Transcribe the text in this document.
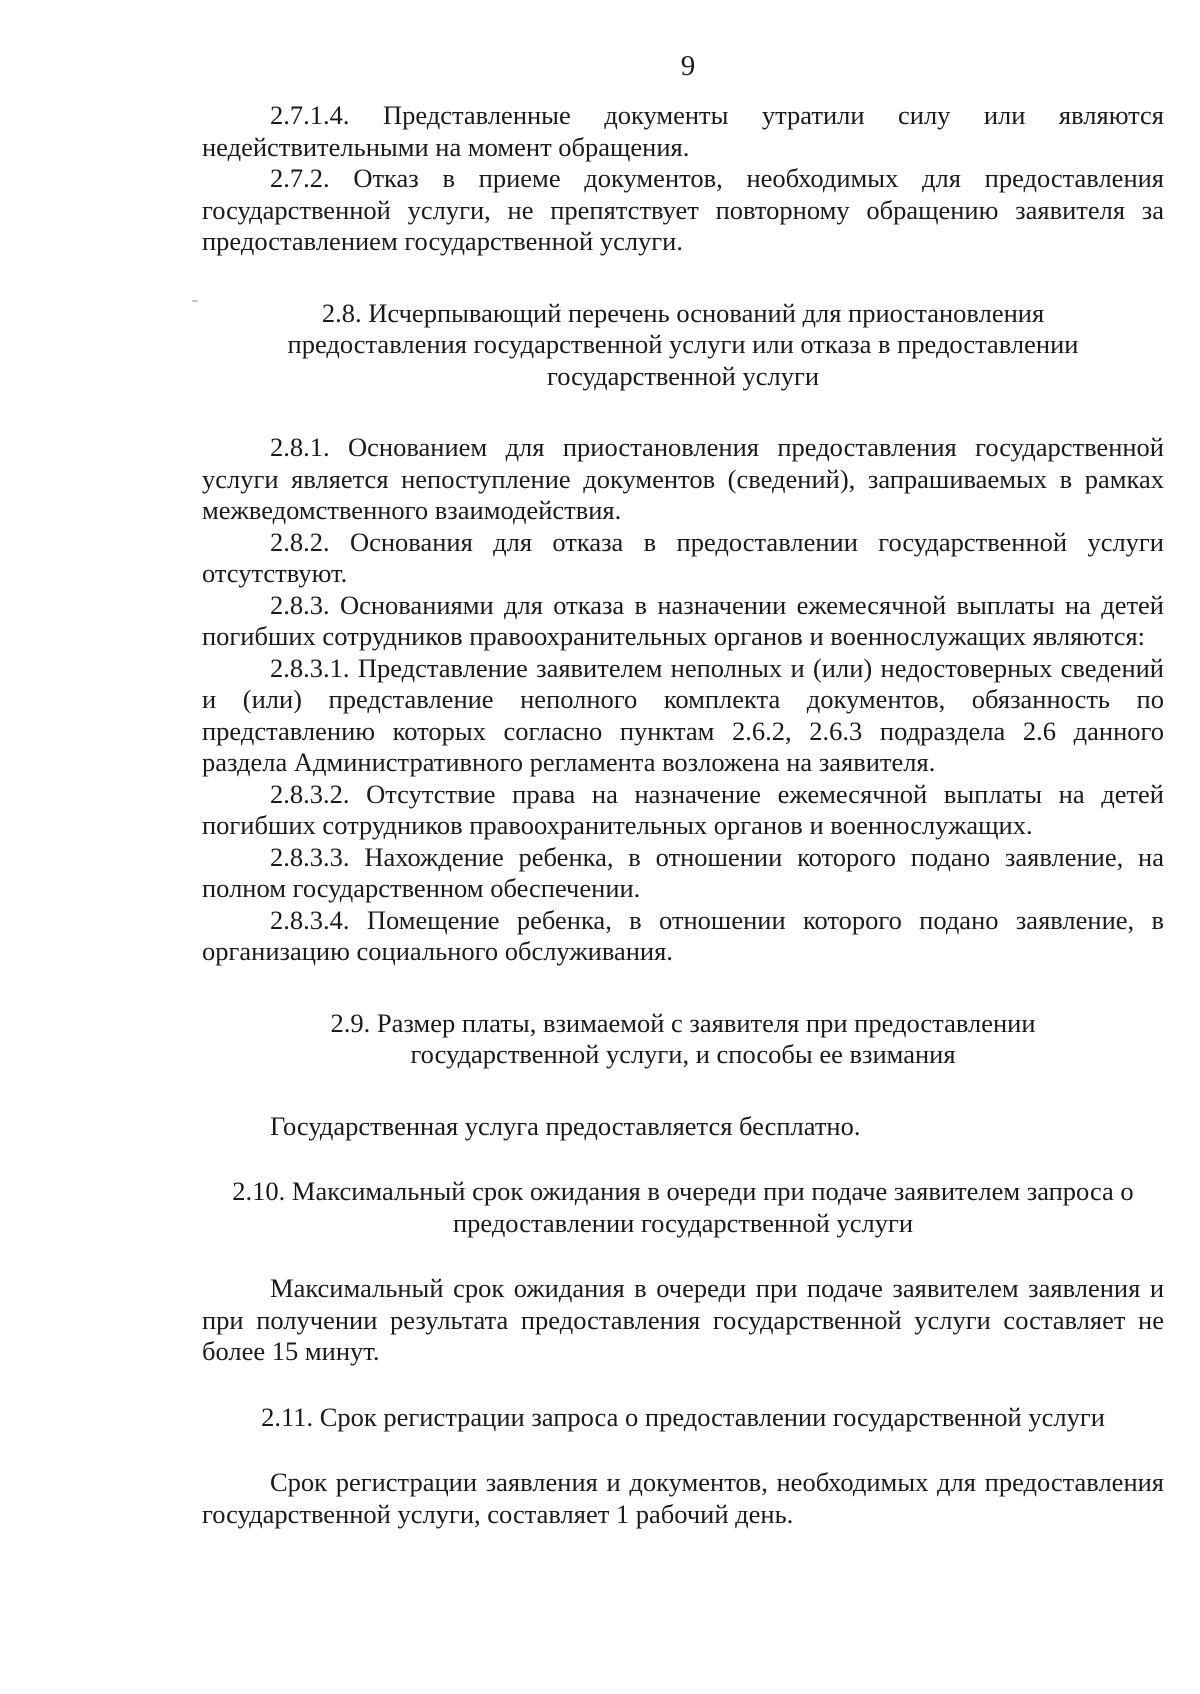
9

2.7.1.4. Представленные документы утратили силу или являются недействительными на момент обращения.

2.7.2. Отказ в приеме документов, необходимых для предоставления государственной услуги, не препятствует повторному обращению заявителя за предоставлением государственной услуги.

2.8. Исчерпывающий перечень оснований для приостановления предоставления государственной услуги или отказа в предоставлении государственной услуги

2.8.1. Основанием для приостановления предоставления государственной услуги является непоступление документов (сведений), запрашиваемых в рамках межведомственного взаимодействия.

2.8.2. Основания для отказа в предоставлении государственной услуги отсутствуют.

2.8.3. Основаниями для отказа в назначении ежемесячной выплаты на детей погибших сотрудников правоохранительных органов и военнослужащих являются:

2.8.3.1. Представление заявителем неполных и (или) недостоверных сведений и (или) представление неполного комплекта документов, обязанность по представлению которых согласно пунктам 2.6.2, 2.6.3 подраздела 2.6 данного раздела Административного регламента возложена на заявителя.

2.8.3.2. Отсутствие права на назначение ежемесячной выплаты на детей погибших сотрудников правоохранительных органов и военнослужащих.

2.8.3.3. Нахождение ребенка, в отношении которого подано заявление, на полном государственном обеспечении.

2.8.3.4. Помещение ребенка, в отношении которого подано заявление, в организацию социального обслуживания.

2.9. Размер платы, взимаемой с заявителя при предоставлении государственной услуги, и способы ее взимания

Государственная услуга предоставляется бесплатно.

2.10. Максимальный срок ожидания в очереди при подаче заявителем запроса о предоставлении государственной услуги

Максимальный срок ожидания в очереди при подаче заявителем заявления и при получении результата предоставления государственной услуги составляет не более 15 минут.

2.11. Срок регистрации запроса о предоставлении государственной услуги

Срок регистрации заявления и документов, необходимых для предоставления государственной услуги, составляет 1 рабочий день.
